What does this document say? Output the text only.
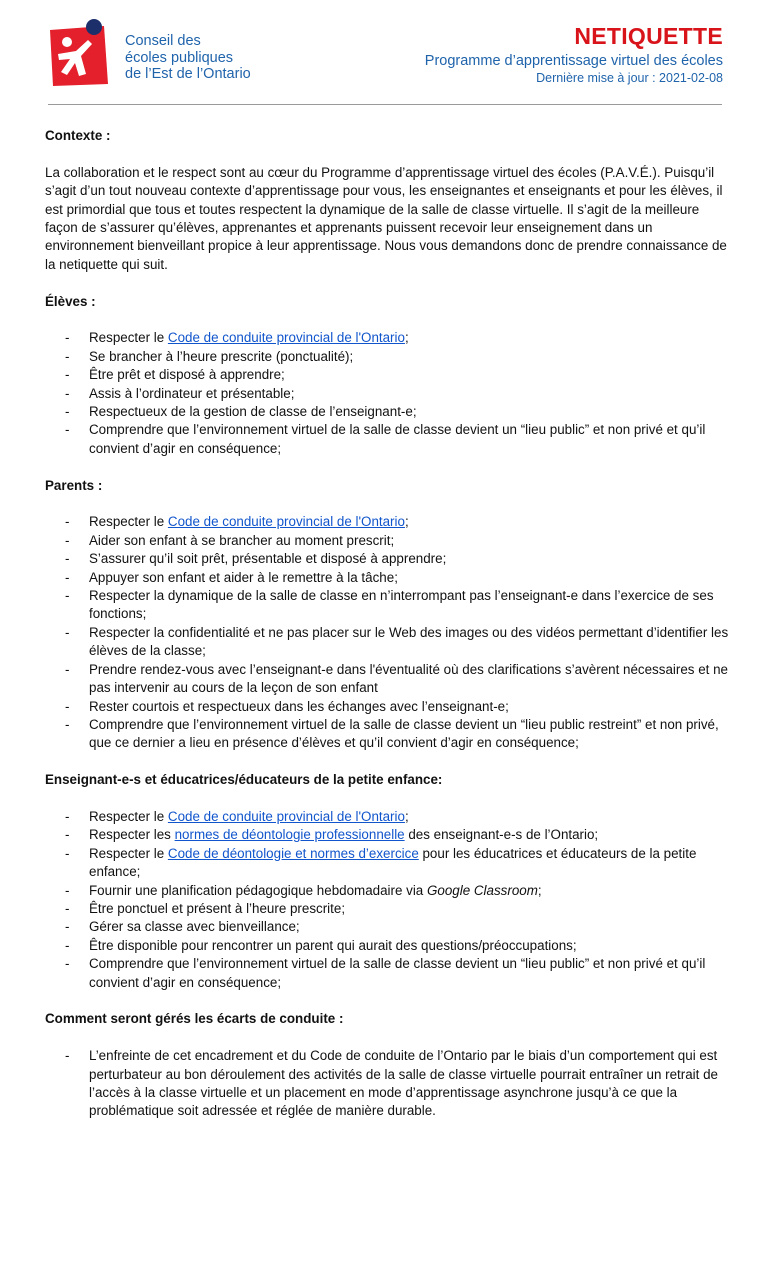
Conseil des
écoles publiques
de l’Est de l’Ontario
NETIQUETTE
Programme d’apprentissage virtuel des écoles
Dernière mise à jour : 2021-02-08
Contexte :
La collaboration et le respect sont au cœur du Programme d’apprentissage virtuel des écoles (P.A.V.É.). Puisqu’il s’agit d’un tout nouveau contexte d’apprentissage pour vous, les enseignantes et enseignants et pour les élèves, il est primordial que tous et toutes respectent la dynamique de la salle de classe virtuelle. Il s’agit de la meilleure façon de s’assurer qu’élèves, apprenantes et apprenants puissent recevoir leur enseignement dans un environnement bienveillant propice à leur apprentissage. Nous vous demandons donc de prendre connaissance de la netiquette qui suit.
Élèves :
- Respecter le Code de conduite provincial de l'Ontario;
- Se brancher à l’heure prescrite (ponctualité);
- Être prêt et disposé à apprendre;
- Assis à l’ordinateur et présentable;
- Respectueux de la gestion de classe de l’enseignant-e;
- Comprendre que l’environnement virtuel de la salle de classe devient un “lieu public” et non privé et qu’il convient d’agir en conséquence;
Parents :
- Respecter le Code de conduite provincial de l'Ontario;
- Aider son enfant à se brancher au moment prescrit;
- S’assurer qu’il soit prêt, présentable et disposé à apprendre;
- Appuyer son enfant et aider à le remettre à la tâche;
- Respecter la dynamique de la salle de classe en n’interrompant pas l’enseignant-e dans l’exercice de ses fonctions;
- Respecter la confidentialité et ne pas placer sur le Web des images ou des vidéos permettant d’identifier les élèves de la classe;
- Prendre rendez-vous avec l’enseignant-e dans l'éventualité où des clarifications s’avèrent nécessaires et ne pas intervenir au cours de la leçon de son enfant
- Rester courtois et respectueux dans les échanges avec l’enseignant-e;
- Comprendre que l’environnement virtuel de la salle de classe devient un “lieu public restreint” et non privé, que ce dernier a lieu en présence d’élèves et qu’il convient d’agir en conséquence;
Enseignant-e-s et éducatrices/éducateurs de la petite enfance:
- Respecter le Code de conduite provincial de l'Ontario;
- Respecter les normes de déontologie professionnelle des enseignant-e-s de l’Ontario;
- Respecter le Code de déontologie et normes d’exercice pour les éducatrices et éducateurs de la petite enfance;
- Fournir une planification pédagogique hebdomadaire via Google Classroom;
- Être ponctuel et présent à l’heure prescrite;
- Gérer sa classe avec bienveillance;
- Être disponible pour rencontrer un parent qui aurait des questions/préoccupations;
- Comprendre que l’environnement virtuel de la salle de classe devient un “lieu public” et non privé et qu’il convient d’agir en conséquence;
Comment seront gérés les écarts de conduite :
- L’enfreinte de cet encadrement et du Code de conduite de l’Ontario par le biais d’un comportement qui est perturbateur au bon déroulement des activités de la salle de classe virtuelle pourrait entraîner un retrait de l’accès à la classe virtuelle et un placement en mode d’apprentissage asynchrone jusqu’à ce que la problématique soit adressée et réglée de manière durable.
